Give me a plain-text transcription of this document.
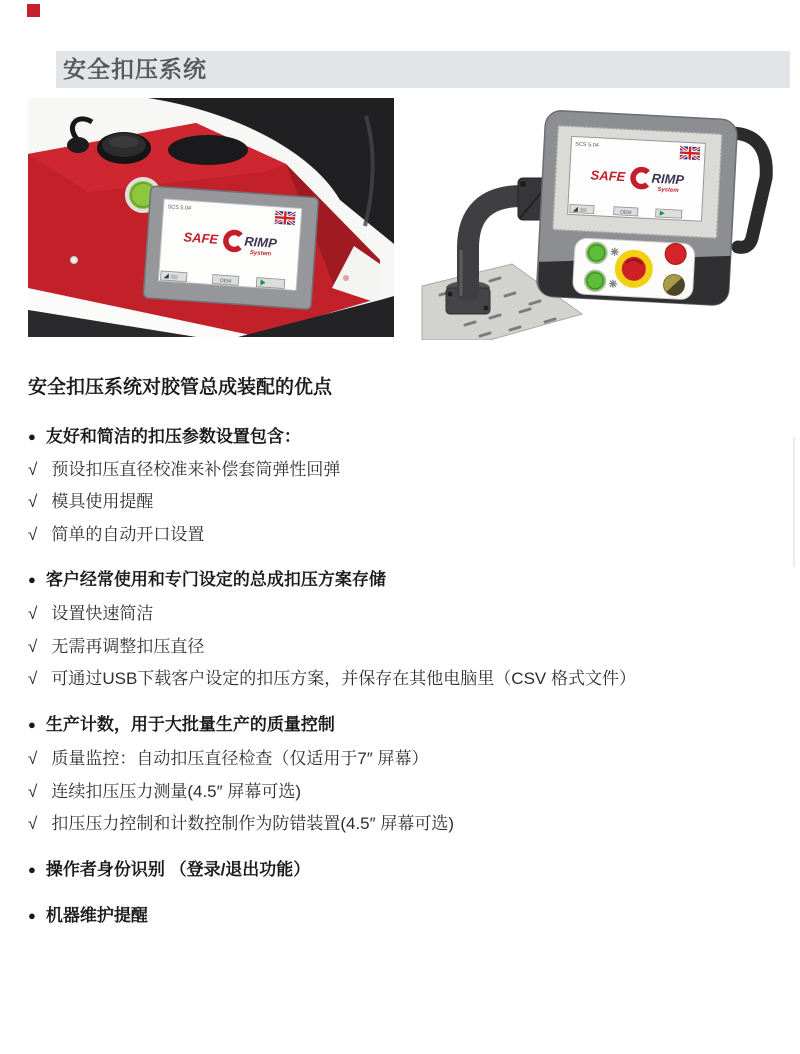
安全扣压系统
SCS 5.04
SAFE RIMP
System
OEM
SCS 5.04
SAFE RIMP
System
OEM
安全扣压系统对胶管总成装配的优点
● 友好和简洁的扣压参数设置包含：
√ 预设扣压直径校准来补偿套筒弹性回弹
√ 模具使用提醒
√ 简单的自动开口设置
● 客户经常使用和专门设定的总成扣压方案存储
√ 设置快速简洁
√ 无需再调整扣压直径
√ 可通过USB下载客户设定的扣压方案，并保存在其他电脑里（CSV 格式文件）
● 生产计数，用于大批量生产的质量控制
√ 质量监控：自动扣压直径检查（仅适用于7″ 屏幕）
√ 连续扣压压力测量(4.5″ 屏幕可选)
√ 扣压压力控制和计数控制作为防错装置(4.5″ 屏幕可选)
● 操作者身份识别 （登录/退出功能）
● 机器维护提醒
